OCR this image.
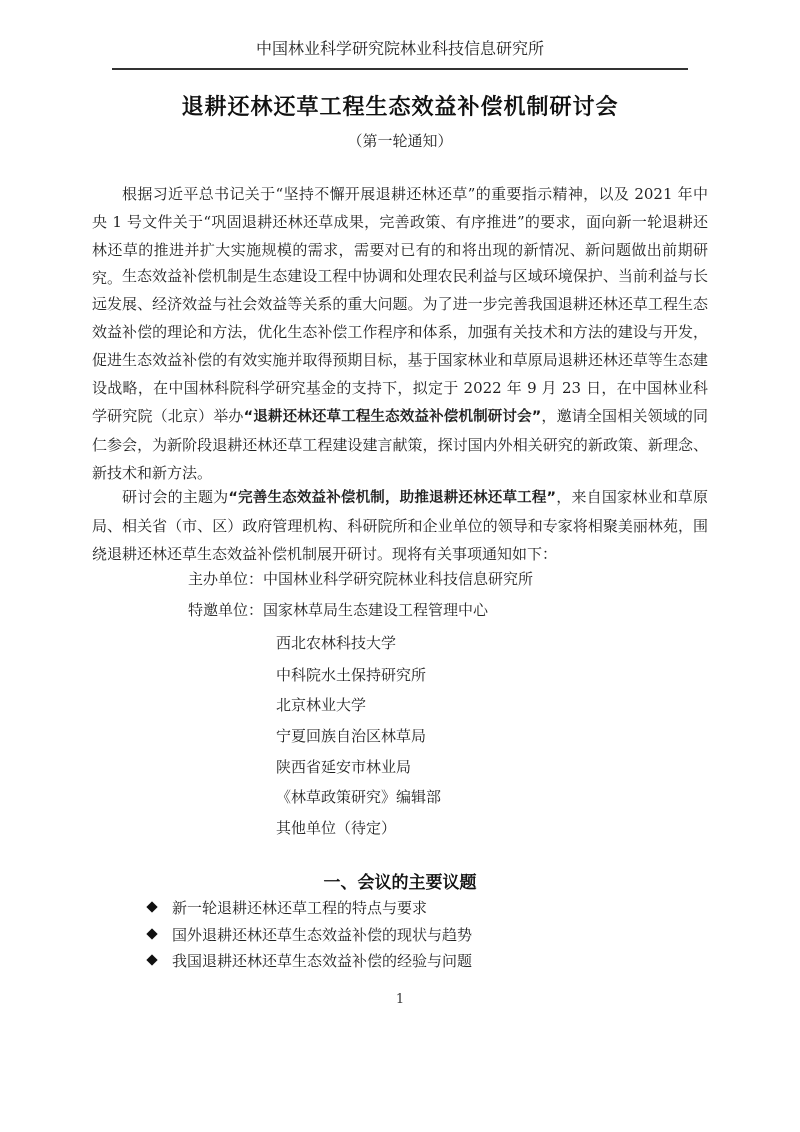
中国林业科学研究院林业科技信息研究所
退耕还林还草工程生态效益补偿机制研讨会
（第一轮通知）

根据习近平总书记关于“坚持不懈开展退耕还林还草”的重要指示精神，以及 2021 年中央 1 号文件关于“巩固退耕还林还草成果，完善政策、有序推进”的要求，面向新一轮退耕还林还草的推进并扩大实施规模的需求，需要对已有的和将出现的新情况、新问题做出前期研究。 生态效益补偿机制是生态建设工程中协调和处理农民利益与区域环境保护、当前利益与长远发展、经济效益与社会效益等关系的重大问题。为了进一步完善我国退耕还林还草工程生态效益补偿的理论和方法，优化生态补偿工作程序和体系，加强有关技术和方法的建设与开发，促进生态效益补偿的有效实施并取得预期目标，基于国家林业和草原局退耕还林还草等生态建设战略，在中国林科院科学研究基金的支持下，拟定于 2022 年 9 月 23 日，在中国林业科学研究院（北京）举办“退耕还林还草工程生态效益补偿机制研讨会”，邀请全国相关领域的同仁参会，为新阶段退耕还林还草工程建设建言献策，探讨国内外相关研究的新政策、新理念、新技术和新方法。

研讨会的主题为“完善生态效益补偿机制，助推退耕还林还草工程”，来自国家林业和草原局、相关省（市、区）政府管理机构、科研院所和企业单位的领导和专家将相聚美丽林苑，围绕退耕还林还草生态效益补偿机制展开研讨。现将有关事项通知如下：

主办单位：中国林业科学研究院林业科技信息研究所
特邀单位：国家林草局生态建设工程管理中心
西北农林科技大学
中科院水土保持研究所
北京林业大学
宁夏回族自治区林草局
陕西省延安市林业局
《林草政策研究》编辑部
其他单位（待定）
一、会议的主要议题
新一轮退耕还林还草工程的特点与要求
国外退耕还林还草生态效益补偿的现状与趋势
我国退耕还林还草生态效益补偿的经验与问题
1
